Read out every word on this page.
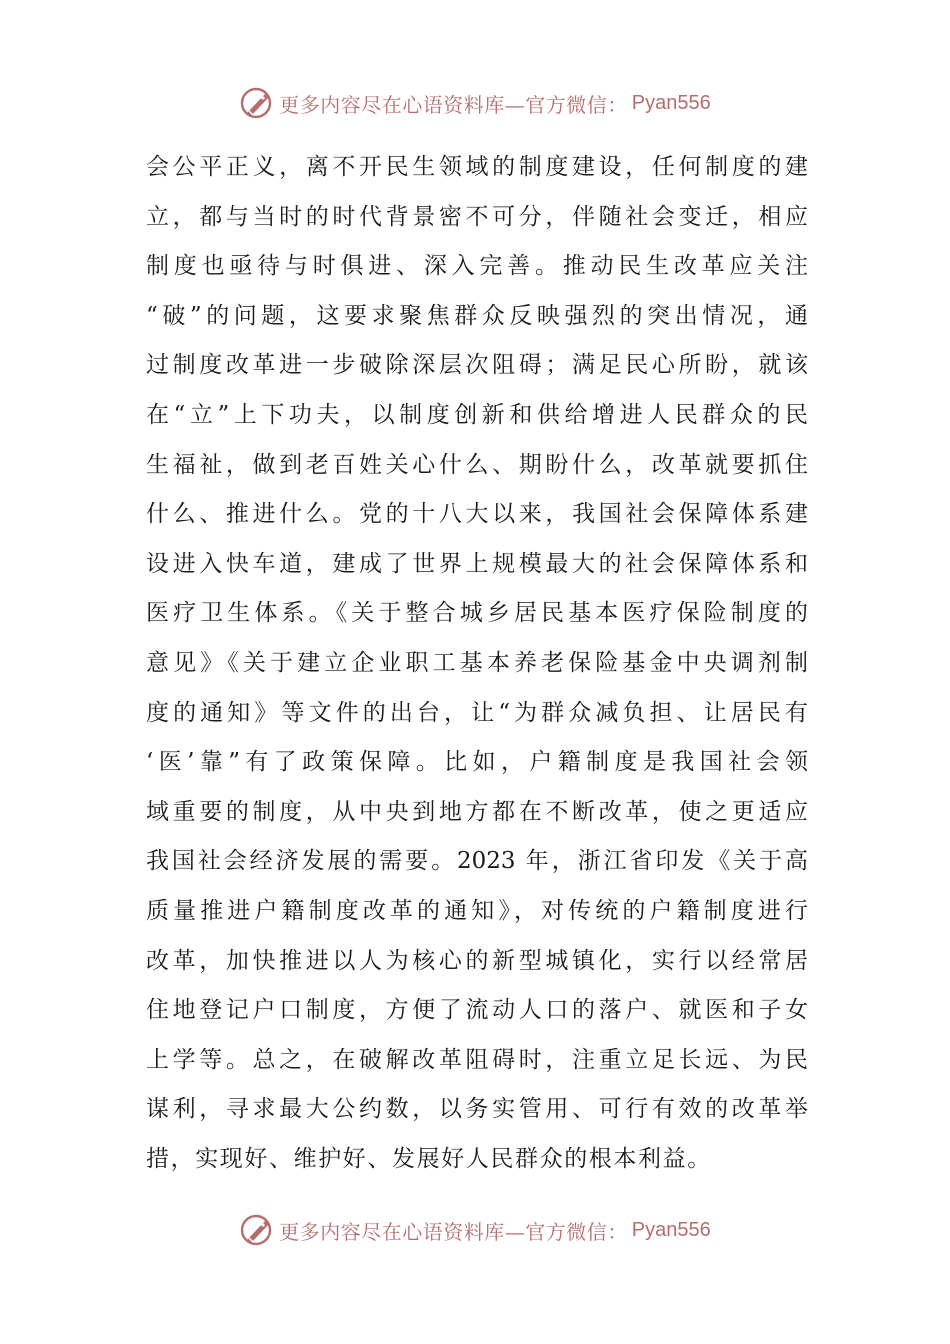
更多内容尽在心语资料库—官方微信： Pyan556
会公平正义，离不开民生领域的制度建设，任何制度的建
立，都与当时的时代背景密不可分，伴随社会变迁，相应
制度也亟待与时俱进、深入完善。推动民生改革应关注
“破”的问题，这要求聚焦群众反映强烈的突出情况，通
过制度改革进一步破除深层次阻碍；满足民心所盼，就该
在“立”上下功夫，以制度创新和供给增进人民群众的民
生福祉，做到老百姓关心什么、期盼什么，改革就要抓住
什么、推进什么。党的十八大以来，我国社会保障体系建
设进入快车道，建成了世界上规模最大的社会保障体系和
医疗卫生体系。《关于整合城乡居民基本医疗保险制度的
意见》《关于建立企业职工基本养老保险基金中央调剂制
度的通知》等文件的出台，让“为群众减负担、让居民有
‘医’靠”有了政策保障。比如，户籍制度是我国社会领
域重要的制度，从中央到地方都在不断改革，使之更适应
我国社会经济发展的需要。2023 年，浙江省印发《关于高
质量推进户籍制度改革的通知》，对传统的户籍制度进行
改革，加快推进以人为核心的新型城镇化，实行以经常居
住地登记户口制度，方便了流动人口的落户、就医和子女
上学等。总之，在破解改革阻碍时，注重立足长远、为民
谋利，寻求最大公约数，以务实管用、可行有效的改革举
措，实现好、维护好、发展好人民群众的根本利益。
更多内容尽在心语资料库—官方微信： Pyan556
